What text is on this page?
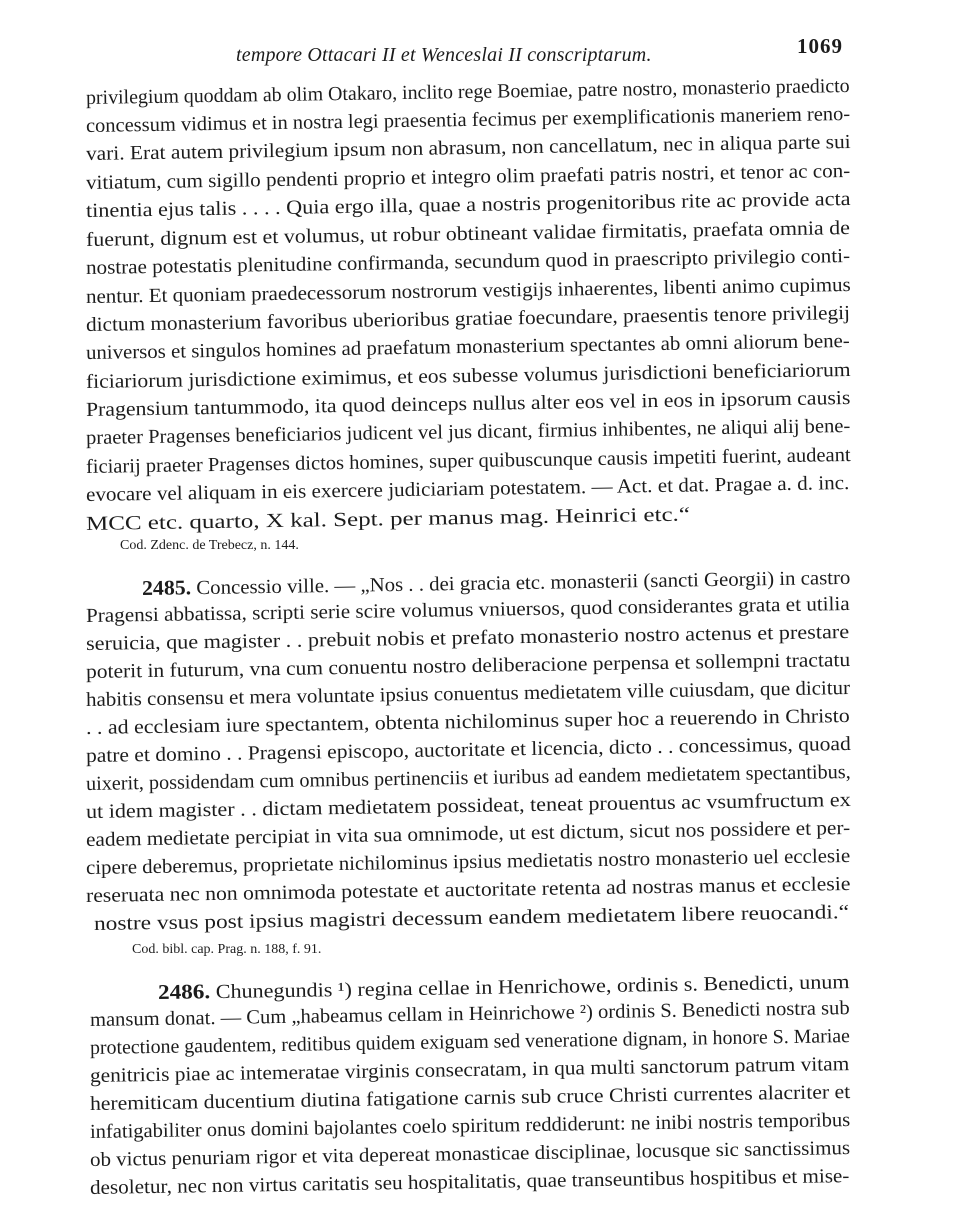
tempore Ottacari II et Wenceslai II conscriptarum.	1069
privilegium quoddam ab olim Otakaro, inclito rege Boemiae, patre nostro, monasterio praedicto
concessum vidimus et in nostra legi praesentia fecimus per exemplificationis maneriem reno-
vari. Erat autem privilegium ipsum non abrasum, non cancellatum, nec in aliqua parte sui
vitiatum, cum sigillo pendenti proprio et integro olim praefati patris nostri, et tenor ac con-
tinentia ejus talis . . . . Quia ergo illa, quae a nostris progenitoribus rite ac provide acta
fuerunt, dignum est et volumus, ut robur obtineant validae firmitatis, praefata omnia de
nostrae potestatis plenitudine confirmanda, secundum quod in praescripto privilegio conti-
nentur. Et quoniam praedecessorum nostrorum vestigijs inhaerentes, libenti animo cupimus
dictum monasterium favoribus uberioribus gratiae foecundare, praesentis tenore privilegij
universos et singulos homines ad praefatum monasterium spectantes ab omni aliorum bene-
ficiariorum jurisdictione eximimus, et eos subesse volumus jurisdictioni beneficiariorum
Pragensium tantummodo, ita quod deinceps nullus alter eos vel in eos in ipsorum causis
praeter Pragenses beneficiarios judicent vel jus dicant, firmius inhibentes, ne aliqui alij bene-
ficiarij praeter Pragenses dictos homines, super quibuscunque causis impetiti fuerint, audeant
evocare vel aliquam in eis exercere judiciariam potestatem. — Act. et dat. Pragae a. d. inc.
MCC etc. quarto, X kal. Sept. per manus mag. Heinrici etc.“
Cod. Zdenc. de Trebecz, n. 144.
2485. Concessio ville. — „Nos . . dei gracia etc. monasterii (sancti Georgii) in castro
Pragensi abbatissa, scripti serie scire volumus vniuersos, quod considerantes grata et utilia
seruicia, que magister . . prebuit nobis et prefato monasterio nostro actenus et prestare
poterit in futurum, vna cum conuentu nostro deliberacione perpensa et sollempni tractatu
habitis consensu et mera voluntate ipsius conuentus medietatem ville cuiusdam, que dicitur
. . ad ecclesiam iure spectantem, obtenta nichilominus super hoc a reuerendo in Christo
patre et domino . . Pragensi episcopo, auctoritate et licencia, dicto . . concessimus, quoad
uixerit, possidendam cum omnibus pertinenciis et iuribus ad eandem medietatem spectantibus,
ut idem magister . . dictam medietatem possideat, teneat prouentus ac vsumfructum ex
eadem medietate percipiat in vita sua omnimode, ut est dictum, sicut nos possidere et per-
cipere deberemus, proprietate nichilominus ipsius medietatis nostro monasterio uel ecclesie
reseruata nec non omnimoda potestate et auctoritate retenta ad nostras manus et ecclesie
nostre vsus post ipsius magistri decessum eandem medietatem libere reuocandi.“
Cod. bibl. cap. Prag. n. 188, f. 91.
2486. Chunegundis ¹) regina cellae in Henrichowe, ordinis s. Benedicti, unum
mansum donat. — Cum „habeamus cellam in Heinrichowe ²) ordinis S. Benedicti nostra sub
protectione gaudentem, reditibus quidem exiguam sed veneratione dignam, in honore S. Mariae
genitricis piae ac intemeratae virginis consecratam, in qua multi sanctorum patrum vitam
heremiticam ducentium diutina fatigatione carnis sub cruce Christi currentes alacriter et
infatigabiliter onus domini bajolantes coelo spiritum reddiderunt: ne inibi nostris temporibus
ob victus penuriam rigor et vita depereat monasticae disciplinae, locusque sic sanctissimus
desoletur, nec non virtus caritatis seu hospitalitatis, quae transeuntibus hospitibus et mise-
